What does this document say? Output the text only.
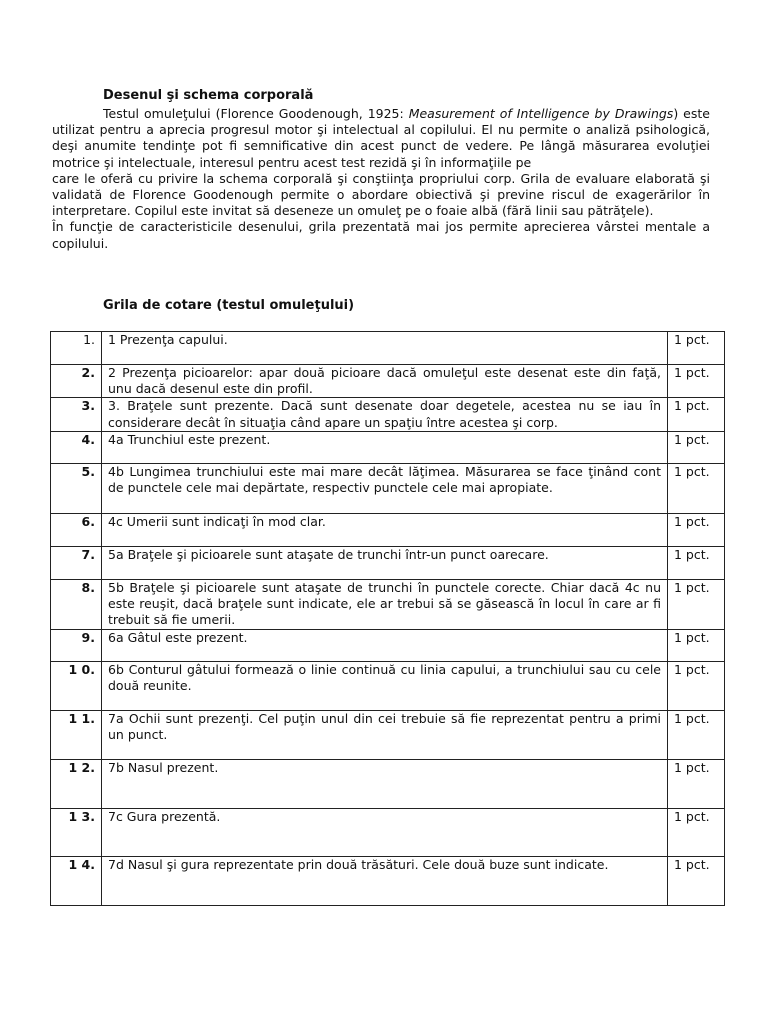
Desenul şi schema corporală

Testul omuleţului (Florence Goodenough, 1925: Measurement of Intelligence by Drawings) este utilizat pentru a aprecia progresul motor şi intelectual al copilului. El nu permite o analiză psihologică, deşi anumite tendinţe pot fi semnificative din acest punct de vedere. Pe lângă măsurarea evoluţiei motrice şi intelectuale, interesul pentru acest test rezidă şi în informaţiile pe

care le oferă cu privire la schema corporală şi conştiinţa propriului corp. Grila de evaluare elaborată şi validată de Florence Goodenough permite o abordare obiectivă şi previne riscul de exagerărilor în interpretare. Copilul este invitat să deseneze un omuleţ pe o foaie albă (fără linii sau pătrăţele).

În funcţie de caracteristicile desenului, grila prezentată mai jos permite aprecierea vârstei mentale a copilului.

Grila de cotare (testul omuleţului)
1.	1 Prezenţa capului.	1 pct.
2.	2 Prezenţa picioarelor: apar două picioare dacă omuleţul este desenat este din faţă, unu dacă desenul este din profil.	1 pct.
3.	3. Braţele sunt prezente. Dacă sunt desenate doar degetele, acestea nu se iau în considerare decât în situaţia când apare un spaţiu între acestea şi corp.	1 pct.
4.	4a Trunchiul este prezent.	1 pct.
5.	4b Lungimea trunchiului este mai mare decât lăţimea. Măsurarea se face ţinând cont de punctele cele mai depărtate, respectiv punctele cele mai apropiate.	1 pct.
6.	4c Umerii sunt indicaţi în mod clar.	1 pct.
7.	5a Braţele şi picioarele sunt ataşate de trunchi într-un punct oarecare.	1 pct.
8.	5b Braţele şi picioarele sunt ataşate de trunchi în punctele corecte. Chiar dacă 4c nu este reuşit, dacă braţele sunt indicate, ele ar trebui să se găsească în locul în care ar fi trebuit să fie umerii.	1 pct.
9.	6a Gâtul este prezent.	1 pct.
1 0.	6b Conturul gâtului formează o linie continuă cu linia capului, a trunchiului sau cu cele două reunite.	1 pct.
1 1.	7a Ochii sunt prezenţi. Cel puţin unul din cei trebuie să fie reprezentat pentru a primi un punct.	1 pct.
1 2.	7b Nasul prezent.	1 pct.
1 3.	7c Gura prezentă.	1 pct.
1 4.	7d Nasul şi gura reprezentate prin două trăsături. Cele două buze sunt indicate.	1 pct.
